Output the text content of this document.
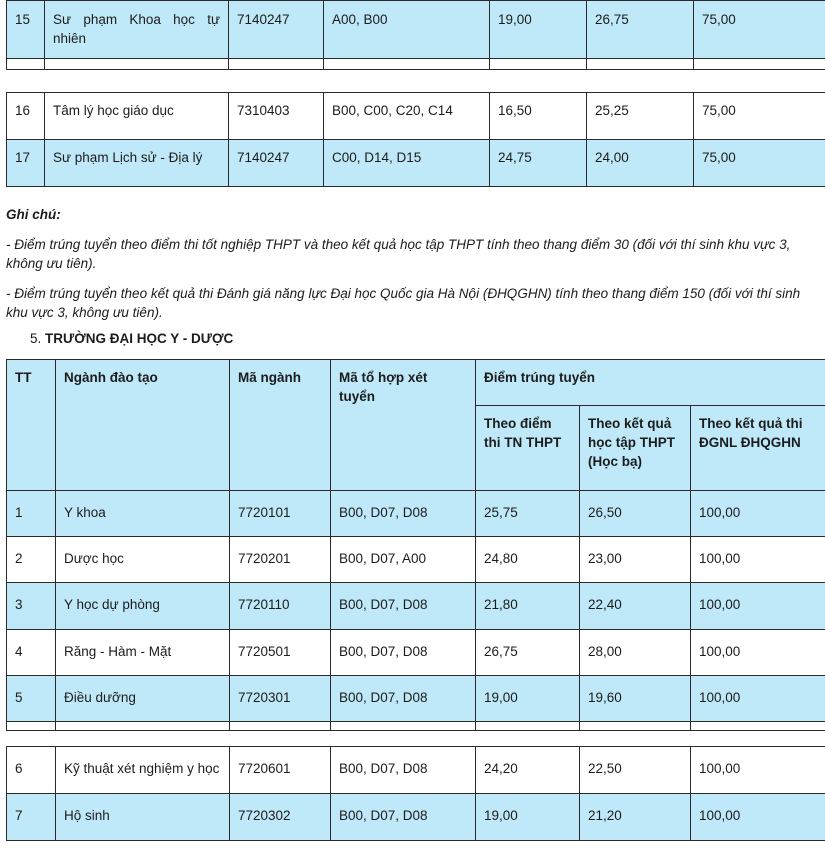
15	Sư phạm Khoa học tự nhiên	7140247	A00, B00	19,00	26,75	75,00

16	Tâm lý học giáo dục	7310403	B00, C00, C20, C14	16,50	25,25	75,00
17	Sư phạm Lịch sử - Địa lý	7140247	C00, D14, D15	24,75	24,00	75,00
Ghi chú:
- Điểm trúng tuyển theo điểm thi tốt nghiệp THPT và theo kết quả học tập THPT tính theo thang điểm 30 (đối với thí sinh khu vực 3, không ưu tiên).
- Điểm trúng tuyển theo kết quả thi Đánh giá năng lực Đại học Quốc gia Hà Nội (ĐHQGHN) tính theo thang điểm 150 (đối với thí sinh khu vực 3, không ưu tiên).
5. TRƯỜNG ĐẠI HỌC Y - DƯỢC
TT	Ngành đào tạo	Mã ngành	Mã tổ hợp xét tuyển	Điểm trúng tuyển		
				Theo điểm thi TN THPT	Theo kết quả học tập THPT (Học bạ)	Theo kết quả thi ĐGNL ĐHQGHN
1	Y khoa	7720101	B00, D07, D08	25,75	26,50	100,00
2	Dược học	7720201	B00, D07, A00	24,80	23,00	100,00
3	Y học dự phòng	7720110	B00, D07, D08	21,80	22,40	100,00
4	Răng - Hàm - Mặt	7720501	B00, D07, D08	26,75	28,00	100,00
5	Điều dưỡng	7720301	B00, D07, D08	19,00	19,60	100,00

6	Kỹ thuật xét nghiệm y học	7720601	B00, D07, D08	24,20	22,50	100,00
7	Hộ sinh	7720302	B00, D07, D08	19,00	21,20	100,00
